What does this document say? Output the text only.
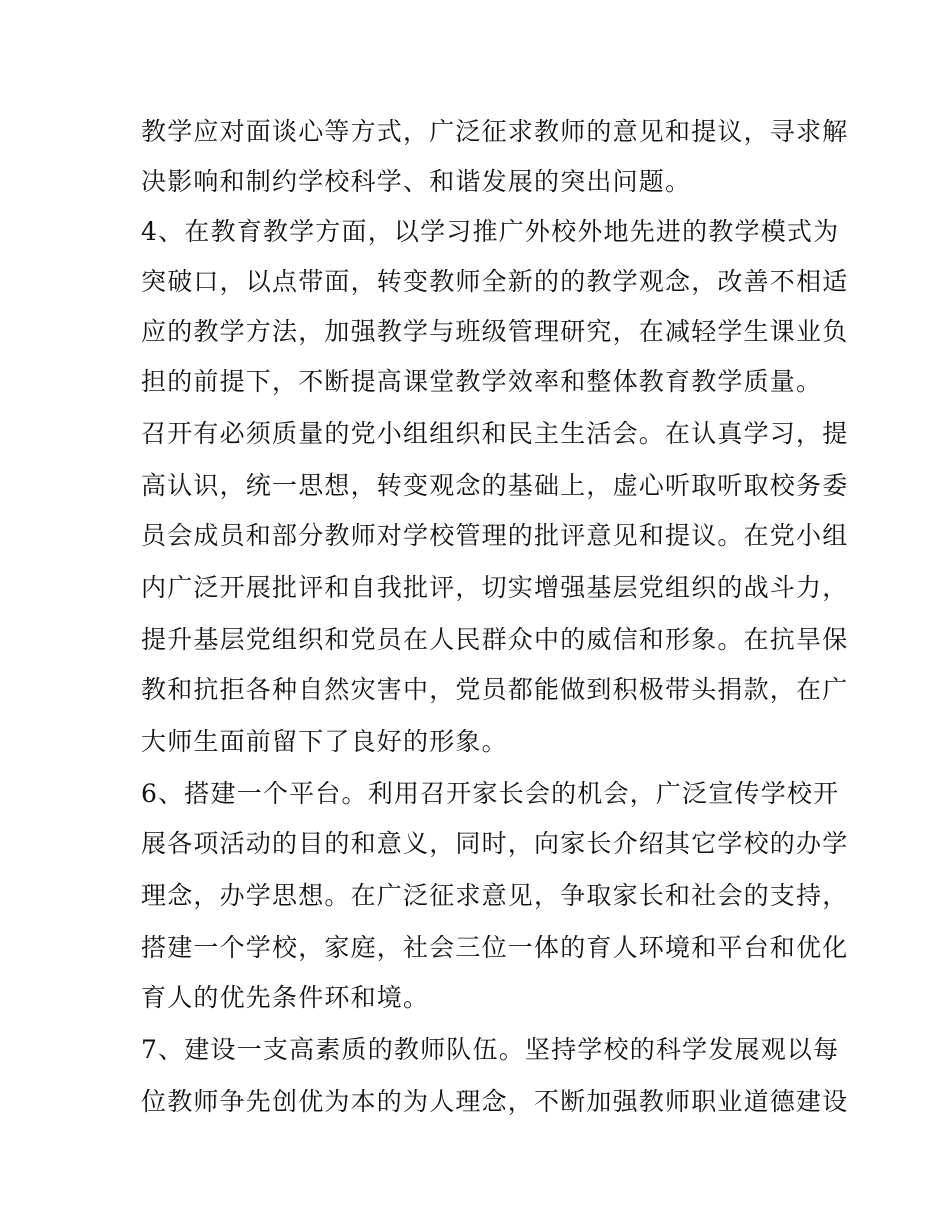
教学应对面谈心等方式，广泛征求教师的意见和提议，寻求解
决影响和制约学校科学、和谐发展的突出问题。
4、在教育教学方面，以学习推广外校外地先进的教学模式为
突破口，以点带面，转变教师全新的的教学观念，改善不相适
应的教学方法，加强教学与班级管理研究，在减轻学生课业负
担的前提下，不断提高课堂教学效率和整体教育教学质量。
召开有必须质量的党小组组织和民主生活会。在认真学习，提
高认识，统一思想，转变观念的基础上，虚心听取听取校务委
员会成员和部分教师对学校管理的批评意见和提议。在党小组
内广泛开展批评和自我批评，切实增强基层党组织的战斗力，
提升基层党组织和党员在人民群众中的威信和形象。在抗旱保
教和抗拒各种自然灾害中，党员都能做到积极带头捐款，在广
大师生面前留下了良好的形象。
6、搭建一个平台。利用召开家长会的机会，广泛宣传学校开
展各项活动的目的和意义，同时，向家长介绍其它学校的办学
理念，办学思想。在广泛征求意见，争取家长和社会的支持，
搭建一个学校，家庭，社会三位一体的育人环境和平台和优化
育人的优先条件环和境。
7、建设一支高素质的教师队伍。坚持学校的科学发展观以每
位教师争先创优为本的为人理念，不断加强教师职业道德建设
